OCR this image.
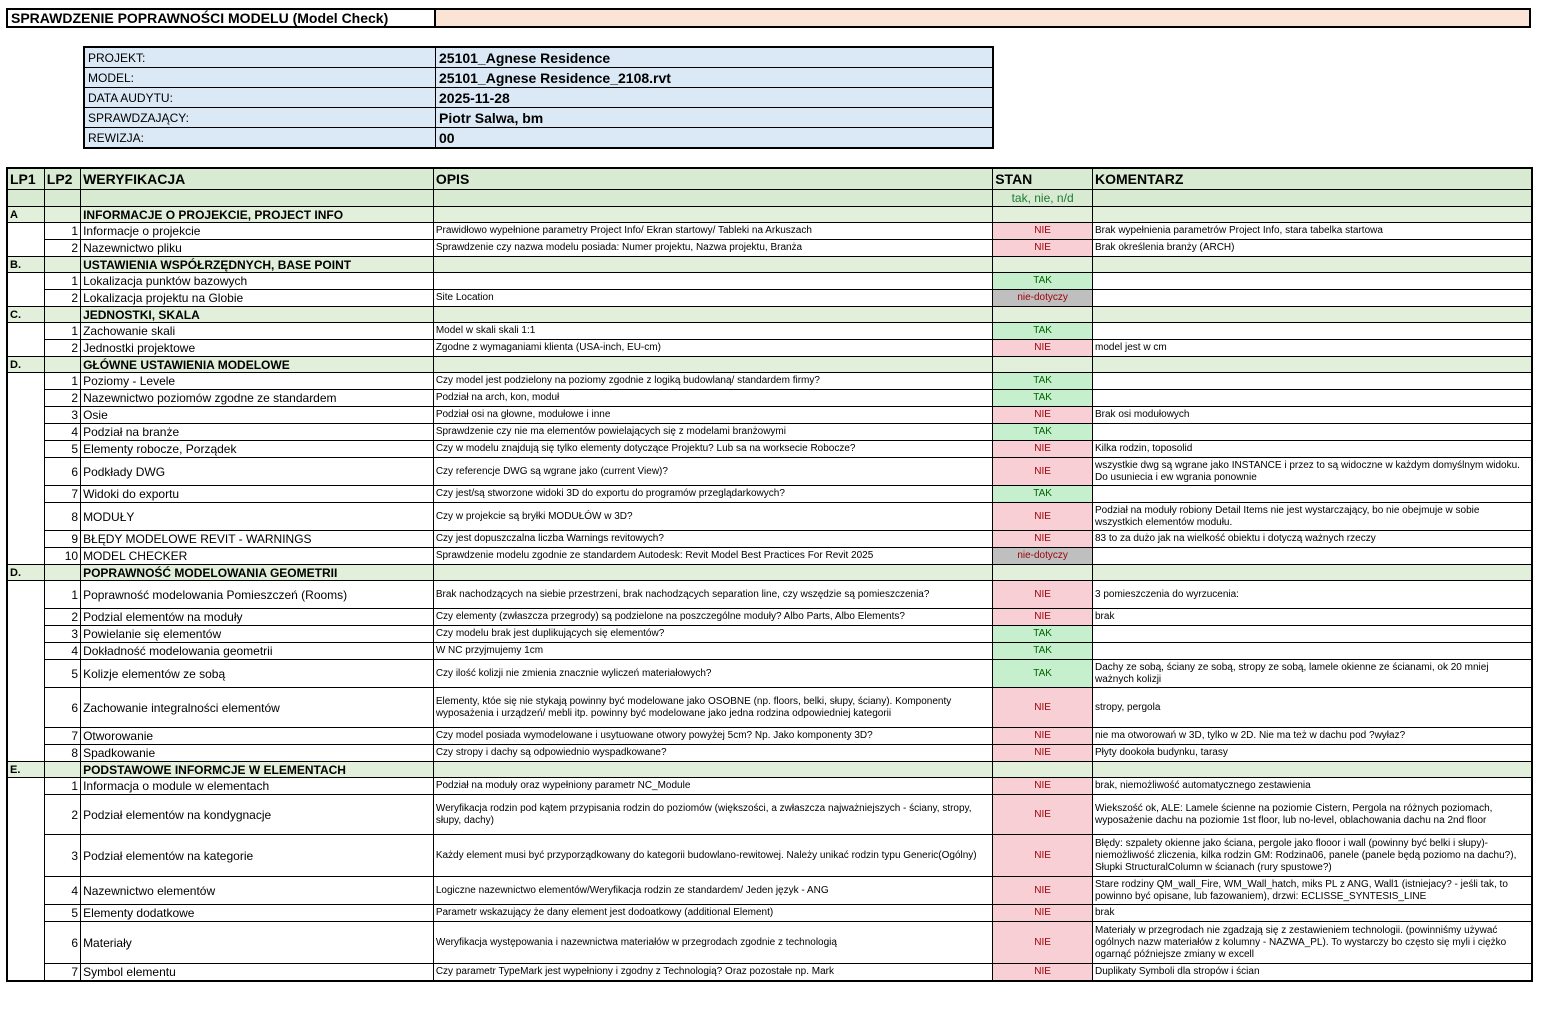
SPRAWDZENIE POPRAWNOŚCI MODELU (Model Check)
PROJEKT:	25101_Agnese Residence
MODEL:	25101_Agnese Residence_2108.rvt
DATA AUDYTU:	2025-11-28
SPRAWDZAJĄCY:	Piotr Salwa, bm
REWIZJA:	00
LP1	LP2	WERYFIKACJA	OPIS	STAN	KOMENTARZ
				tak, nie, n/d	
A		INFORMACJE O PROJEKCIE, PROJECT INFO			
	1	Informacje o projekcie	Prawidłowo wypełnione parametry Project Info/ Ekran startowy/ Tableki na Arkuszach	NIE	Brak wypełnienia parametrów Project Info, stara tabelka startowa
	2	Nazewnictwo pliku	Sprawdzenie czy nazwa modelu posiada: Numer projektu, Nazwa projektu, Branża	NIE	Brak określenia branży (ARCH)
B.		USTAWIENIA WSPÓŁRZĘDNYCH, BASE POINT			
	1	Lokalizacja punktów bazowych		TAK	
	2	Lokalizacja projektu na Globie	Site Location	nie-dotyczy	
C.		JEDNOSTKI, SKALA			
	1	Zachowanie skali	Model w skali skali 1:1	TAK	
	2	Jednostki projektowe	Zgodne z wymaganiami klienta (USA-inch, EU-cm)	NIE	model jest w cm
D.		GŁÓWNE USTAWIENIA MODELOWE			
	1	Poziomy - Levele	Czy model jest podzielony na poziomy zgodnie z logiką budowlaną/ standardem firmy?	TAK	
	2	Nazewnictwo poziomów zgodne ze standardem	Podział na arch, kon, moduł	TAK	
	3	Osie	Podział osi na głowne, modułowe i inne	NIE	Brak osi modułowych
	4	Podział na branże	Sprawdzenie czy nie ma elementów powielających się z modelami branżowymi	TAK	
	5	Elementy robocze, Porządek	Czy w modelu znajdują się tylko elementy dotyczące Projektu? Lub sa na worksecie Robocze?	NIE	Kilka rodzin, toposolid
	6	Podkłady DWG	Czy referencje DWG są wgrane jako (current View)?	NIE	wszystkie dwg są wgrane jako INSTANCE i przez to są widoczne w każdym domyślnym widoku. Do usuniecia i ew wgrania ponownie
	7	Widoki do exportu	Czy jest/są stworzone widoki 3D do exportu do programów przeglądarkowych?	TAK	
	8	MODUŁY	Czy w projekcie są bryłki MODUŁÓW w 3D?	NIE	Podział na moduły robiony Detail Items nie jest wystarczający, bo nie obejmuje w sobie wszystkich elementów modułu.
	9	BŁĘDY MODELOWE REVIT - WARNINGS	Czy jest dopuszczalna liczba Warnings revitowych?	NIE	83 to za dużo jak na wielkość obiektu i dotyczą ważnych rzeczy
	10	MODEL CHECKER	Sprawdzenie modelu zgodnie ze standardem Autodesk: Revit Model Best Practices For Revit 2025	nie-dotyczy	
D.		POPRAWNOŚĆ MODELOWANIA GEOMETRII			
	1	Poprawność modelowania Pomieszczeń (Rooms)	Brak nachodzących na siebie przestrzeni, brak nachodzących separation line, czy wszędzie są pomieszczenia?	NIE	3 pomieszczenia do wyrzucenia:
	2	Podzial elementów na moduły	Czy elementy (zwłaszcza przegrody) są podzielone na poszczególne moduły? Albo Parts, Albo Elements?	NIE	brak
	3	Powielanie się elementów	Czy modelu brak jest duplikujących się elementów?	TAK	
	4	Dokładność modelowania geometrii	W NC przyjmujemy 1cm	TAK	
	5	Kolizje elementów ze sobą	Czy ilość kolizji nie zmienia znacznie wyliczeń materiałowych?	TAK	Dachy ze sobą, ściany ze sobą, stropy ze sobą, lamele okienne ze ścianami, ok 20 mniej ważnych kolizji
	6	Zachowanie integralności elementów	Elementy, któe się nie stykają powinny być modelowane jako OSOBNE (np. floors, belki, słupy, ściany). Komponenty wyposażenia i urządzeń/ mebli itp. powinny być modelowane jako jedna rodzina odpowiedniej kategorii	NIE	stropy, pergola
	7	Otworowanie	Czy model posiada wymodelowane i usytuowane otwory powyżej 5cm? Np. Jako komponenty 3D?	NIE	nie ma otworowań w 3D, tylko w 2D. Nie ma też w dachu pod ?wyłaz?
	8	Spadkowanie	Czy stropy i dachy są odpowiednio wyspadkowane?	NIE	Płyty dookoła budynku, tarasy
E.		PODSTAWOWE INFORMCJE W ELEMENTACH			
	1	Informacja o module w elementach	Podział na moduły oraz wypełniony parametr NC_Module	NIE	brak, niemożliwość automatycznego zestawienia
	2	Podział elementów na kondygnacje	Weryfikacja rodzin pod kątem przypisania rodzin do poziomów (większości, a zwłaszcza najważniejszych - ściany, stropy, słupy, dachy)	NIE	Wiekszość ok, ALE: Lamele ścienne na poziomie Cistern, Pergola na różnych poziomach, wyposażenie dachu na poziomie 1st floor, lub no-level, oblachowania dachu na 2nd floor
	3	Podział elementów na kategorie	Każdy element musi być przyporządkowany do kategorii budowlano-rewitowej. Należy unikać rodzin typu Generic(Ogólny)	NIE	Błędy: szpalety okienne jako ściana, pergole jako flooor i wall (powinny być belki i słupy)- niemożliwość zliczenia, kilka rodzin GM: Rodzina06, panele (panele będą poziomo na dachu?), Słupki StructuralColumn w ścianach (rury spustowe?)
	4	Nazewnictwo elementów	Logiczne nazewnictwo elementów/Weryfikacja rodzin ze standardem/ Jeden język - ANG	NIE	Stare rodziny QM_wall_Fire, WM_Wall_hatch, miks PL z ANG, Wall1 (istniejacy? - jeśli tak, to powinno być opisane, lub fazowaniem), drzwi: ECLISSE_SYNTESIS_LINE
	5	Elementy dodatkowe	Parametr wskazujący że dany element jest dodoatkowy (additional Element)	NIE	brak
	6	Materiały	Weryfikacja występowania i nazewnictwa materiałów w przegrodach zgodnie z technologią	NIE	Materiały w przegrodach nie zgadzają się z zestawieniem technologii. (powinniśmy używać ogólnych nazw materiałów z kolumny - NAZWA_PL). To wystarczy bo często się myli i ciężko ogarnąć późniejsze zmiany w excell
	7	Symbol elementu	Czy parametr TypeMark jest wypełniony i zgodny z Technologią? Oraz pozostałe np. Mark	NIE	Duplikaty Symboli dla stropów i ścian
